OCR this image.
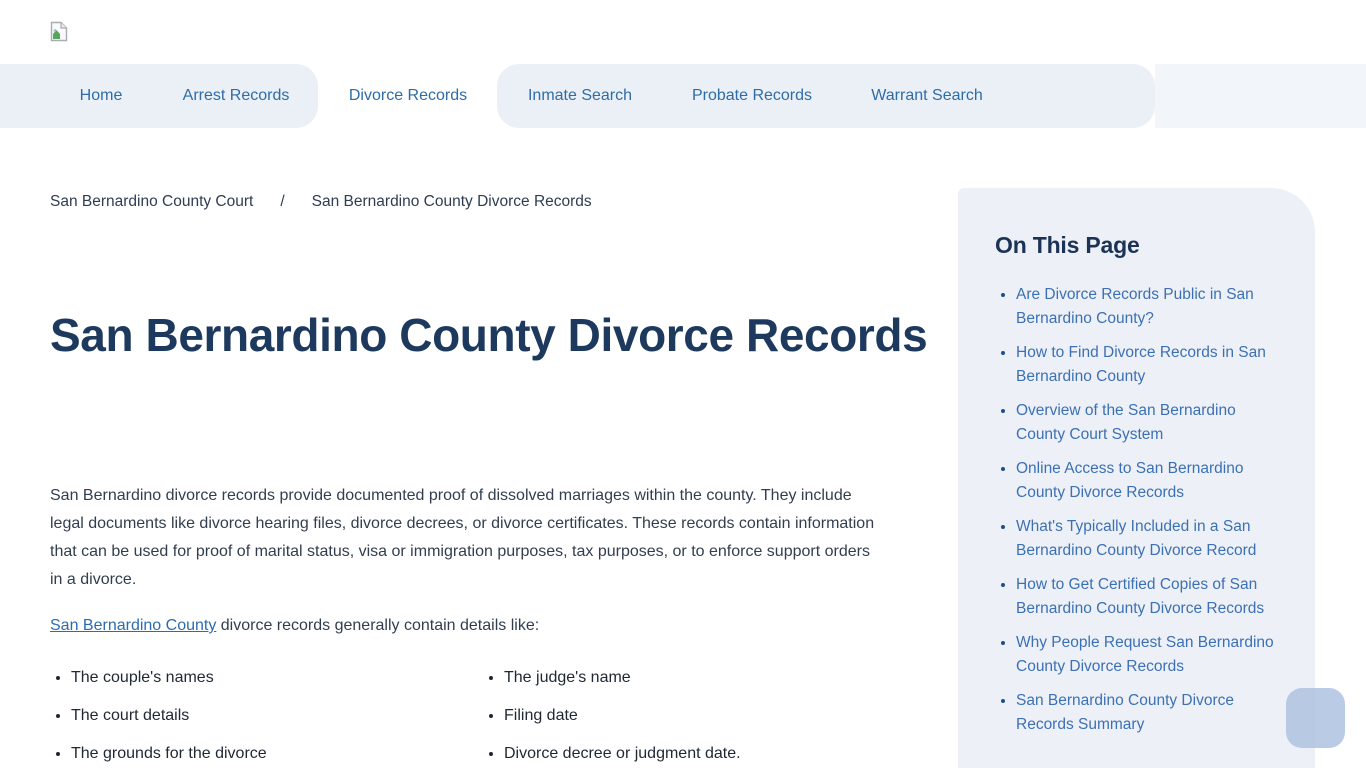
Home	Arrest Records	Divorce Records	Inmate Search	Probate Records	Warrant Search
San Bernardino County Court / San Bernardino County Divorce Records
San Bernardino County Divorce Records

San Bernardino divorce records provide documented proof of dissolved marriages within the county. They include legal documents like divorce hearing files, divorce decrees, or divorce certificates. These records contain information that can be used for proof of marital status, visa or immigration purposes, tax purposes, or to enforce support orders in a divorce.

San Bernardino County divorce records generally contain details like:

• The couple's names
• The court details
• The grounds for the divorce
• The judge's name
• Filing date
• Divorce decree or judgment date.
On This Page
• Are Divorce Records Public in San Bernardino County?
• How to Find Divorce Records in San Bernardino County
• Overview of the San Bernardino County Court System
• Online Access to San Bernardino County Divorce Records
• What's Typically Included in a San Bernardino County Divorce Record
• How to Get Certified Copies of San Bernardino County Divorce Records
• Why People Request San Bernardino County Divorce Records
• San Bernardino County Divorce Records Summary
